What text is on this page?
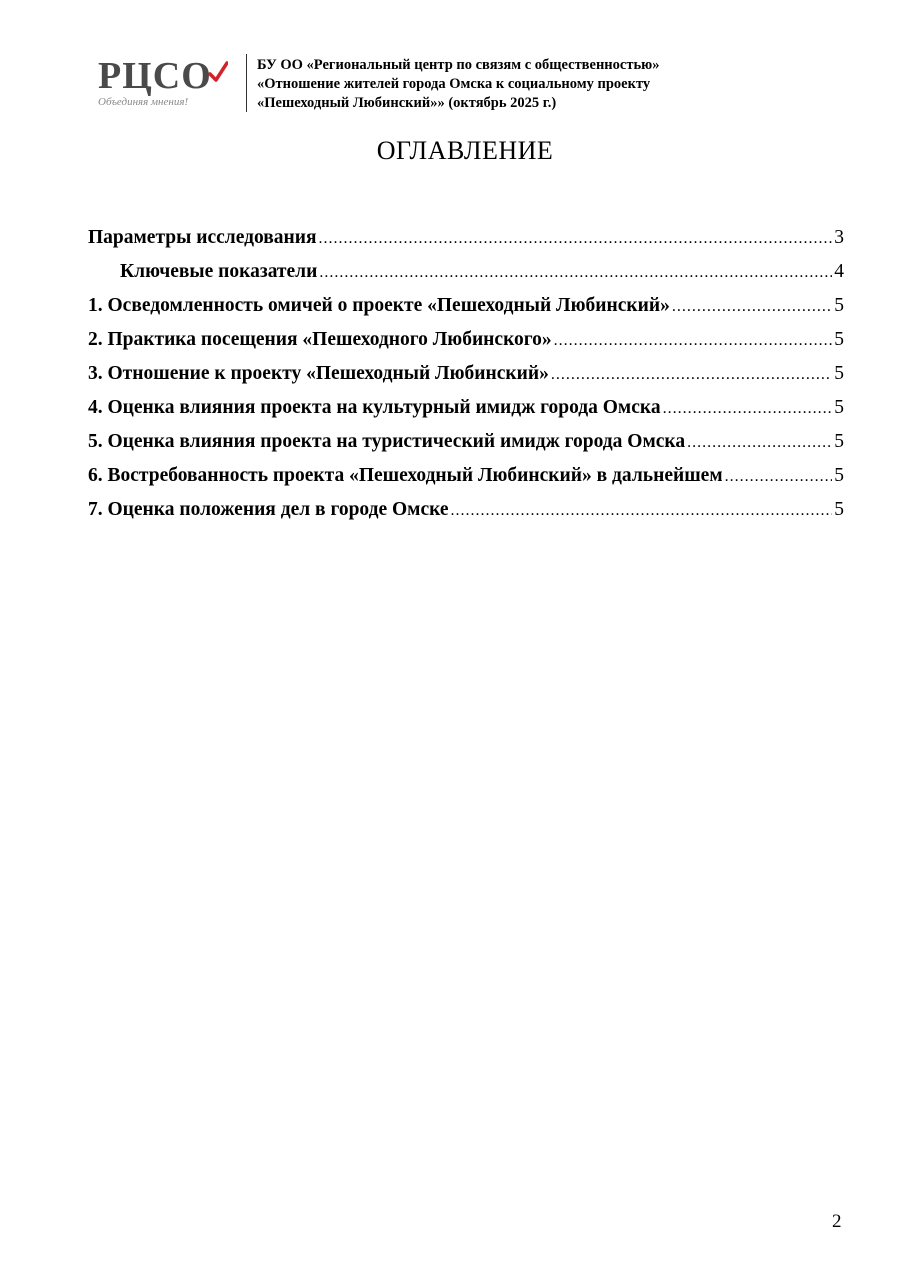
РЦСО
Объединяя мнения!
БУ ОО «Региональный центр по связям с общественностью»
«Отношение жителей города Омска к социальному проекту
«Пешеходный Любинский»» (октябрь 2025 г.)
ОГЛАВЛЕНИЕ
Параметры исследования .....	3
Ключевые показатели .....	4
1. Осведомленность омичей о проекте «Пешеходный Любинский» .....	5
2. Практика посещения «Пешеходного Любинского» .....	5
3. Отношение к проекту «Пешеходный Любинский» .....	5
4. Оценка влияния проекта на культурный имидж города Омска .....	5
5. Оценка влияния проекта на туристический имидж города Омска .....	5
6. Востребованность проекта «Пешеходный Любинский» в дальнейшем .....	5
7. Оценка положения дел в городе Омске .....	5
2
